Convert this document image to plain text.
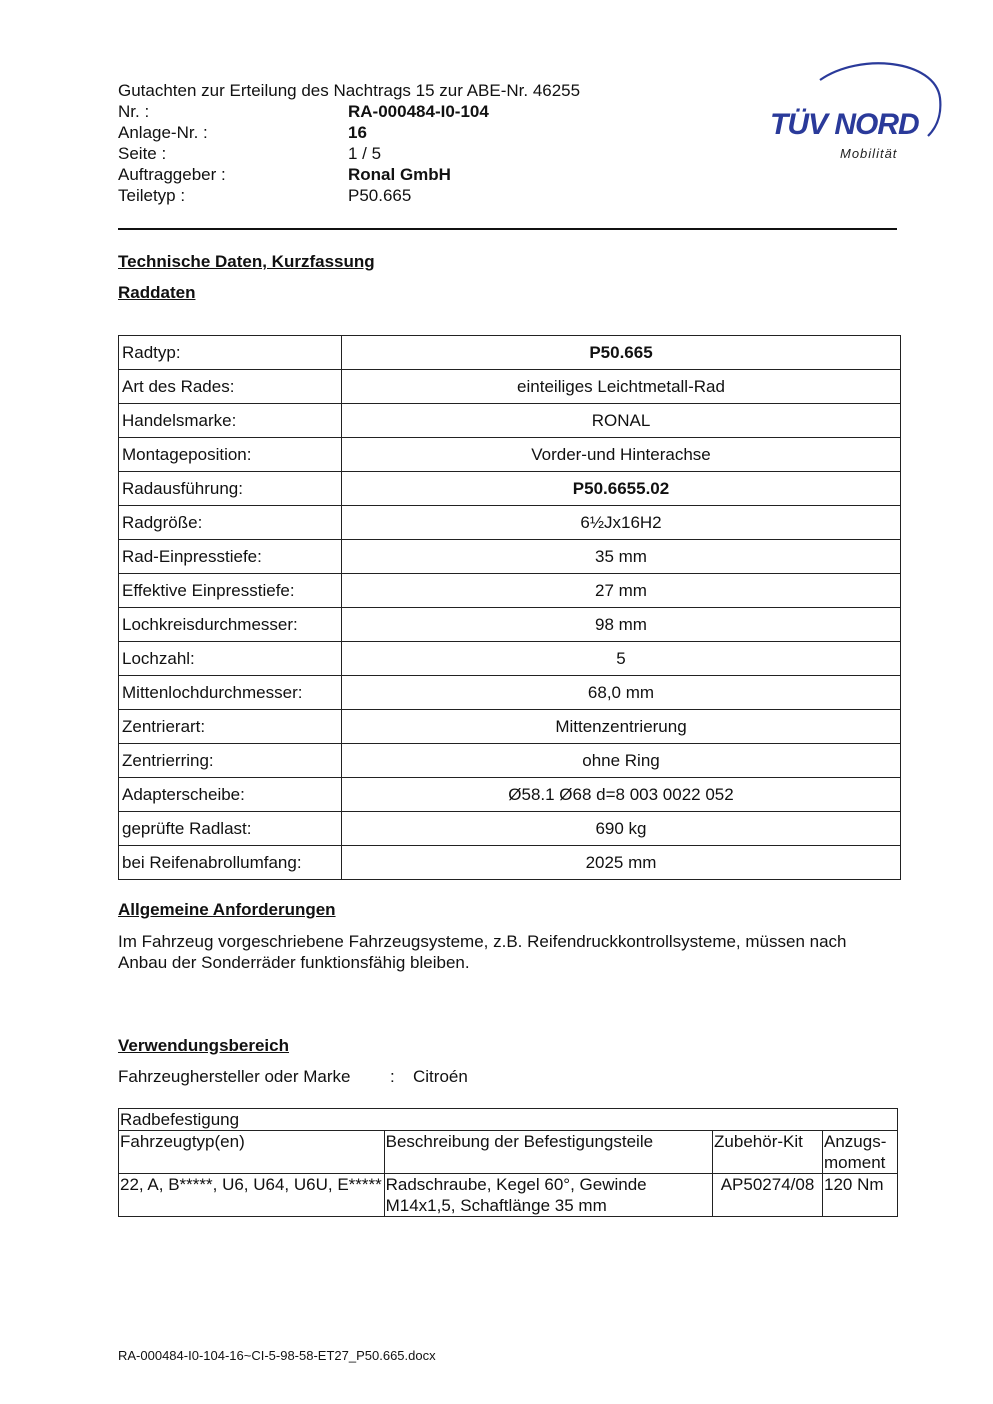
Gutachten zur Erteilung des Nachtrags 15 zur ABE-Nr. 46255
Nr. :	RA-000484-I0-104
Anlage-Nr. :	16
Seite :	1 / 5
Auftraggeber :	Ronal GmbH
Teiletyp :	P50.665
TÜV NORD
Mobilität
Technische Daten, Kurzfassung
Raddaten
Radtyp:	P50.665
Art des Rades:	einteiliges Leichtmetall-Rad
Handelsmarke:	RONAL
Montageposition:	Vorder-und Hinterachse
Radausführung:	P50.6655.02
Radgröße:	6½Jx16H2
Rad-Einpresstiefe:	35 mm
Effektive Einpresstiefe:	27 mm
Lochkreisdurchmesser:	98 mm
Lochzahl:	5
Mittenlochdurchmesser:	68,0 mm
Zentrierart:	Mittenzentrierung
Zentrierring:	ohne Ring
Adapterscheibe:	Ø58.1 Ø68 d=8 003 0022 052
geprüfte Radlast:	690 kg
bei Reifenabrollumfang:	2025 mm
Allgemeine Anforderungen
Im Fahrzeug vorgeschriebene Fahrzeugsysteme, z.B. Reifendruckkontrollsysteme, müssen nach Anbau der Sonderräder funktionsfähig bleiben.
Verwendungsbereich
Fahrzeughersteller oder Marke	:	Citroén
Radbefestigung			
Fahrzeugtyp(en)	Beschreibung der Befestigungsteile	Zubehör-Kit	Anzugs-moment
22, A, B*****, U6, U64, U6U, E*****	Radschraube, Kegel 60°, Gewinde M14x1,5, Schaftlänge 35 mm	AP50274/08	120 Nm
RA-000484-I0-104-16~CI-5-98-58-ET27_P50.665.docx
